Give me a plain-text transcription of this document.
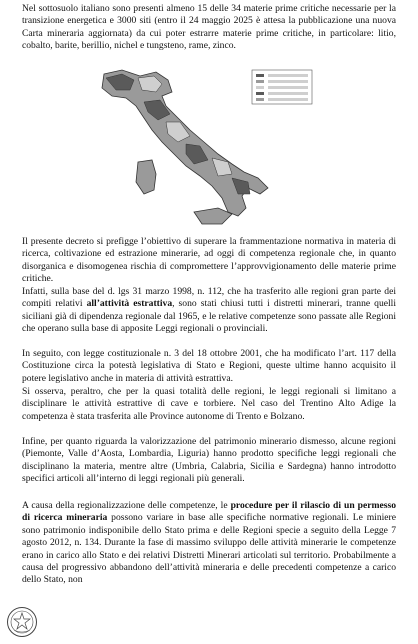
Nel sottosuolo italiano sono presenti almeno 15 delle 34 materie prime critiche necessarie per la transizione energetica e 3000 siti (entro il 24 maggio 2025 è attesa la pubblicazione una nuova Carta mineraria aggiornata) da cui poter estrarre materie prime critiche, in particolare: litio, cobalto, barite, berillio, nichel e tungsteno, rame, zinco.

Il presente decreto si prefigge l’obiettivo di superare la frammentazione normativa in materia di ricerca, coltivazione ed estrazione minerarie, ad oggi di competenza regionale che, in quanto disorganica e disomogenea rischia di compromettere l’approvvigionamento delle materie prime critiche.

Infatti, sulla base del d. lgs 31 marzo 1998, n. 112, che ha trasferito alle regioni gran parte dei compiti relativi all’attività estrattiva, sono stati chiusi tutti i distretti minerari, tranne quelli siciliani già di dipendenza regionale dal 1965, e le relative competenze sono passate alle Regioni che operano sulla base di apposite Leggi regionali o provinciali.

In seguito, con legge costituzionale n. 3 del 18 ottobre 2001, che ha modificato l’art. 117 della Costituzione circa la potestà legislativa di Stato e Regioni, queste ultime hanno acquisito il potere legislativo anche in materia di attività estrattiva.

Si osserva, peraltro, che per la quasi totalità delle regioni, le leggi regionali si limitano a disciplinare le attività estrattive di cave e torbiere. Nel caso del Trentino Alto Adige la competenza è stata trasferita alle Province autonome di Trento e Bolzano.

Infine, per quanto riguarda la valorizzazione del patrimonio minerario dismesso, alcune regioni (Piemonte, Valle d’Aosta, Lombardia, Liguria) hanno prodotto specifiche leggi regionali che disciplinano la materia, mentre altre (Umbria, Calabria, Sicilia e Sardegna) hanno introdotto specifici articoli all’interno di leggi regionali più generali.

A causa della regionalizzazione delle competenze, le procedure per il rilascio di un permesso di ricerca mineraria possono variare in base alle specifiche normative regionali. Le miniere sono patrimonio indisponibile dello Stato prima e delle Regioni specie a seguito della Legge 7 agosto 2012, n. 134. Durante la fase di massimo sviluppo delle attività minerarie le competenze erano in carico allo Stato e dei relativi Distretti Minerari articolati sul territorio. Probabilmente a causa del progressivo abbandono dell’attività mineraria e delle precedenti competenze a carico dello Stato, non
